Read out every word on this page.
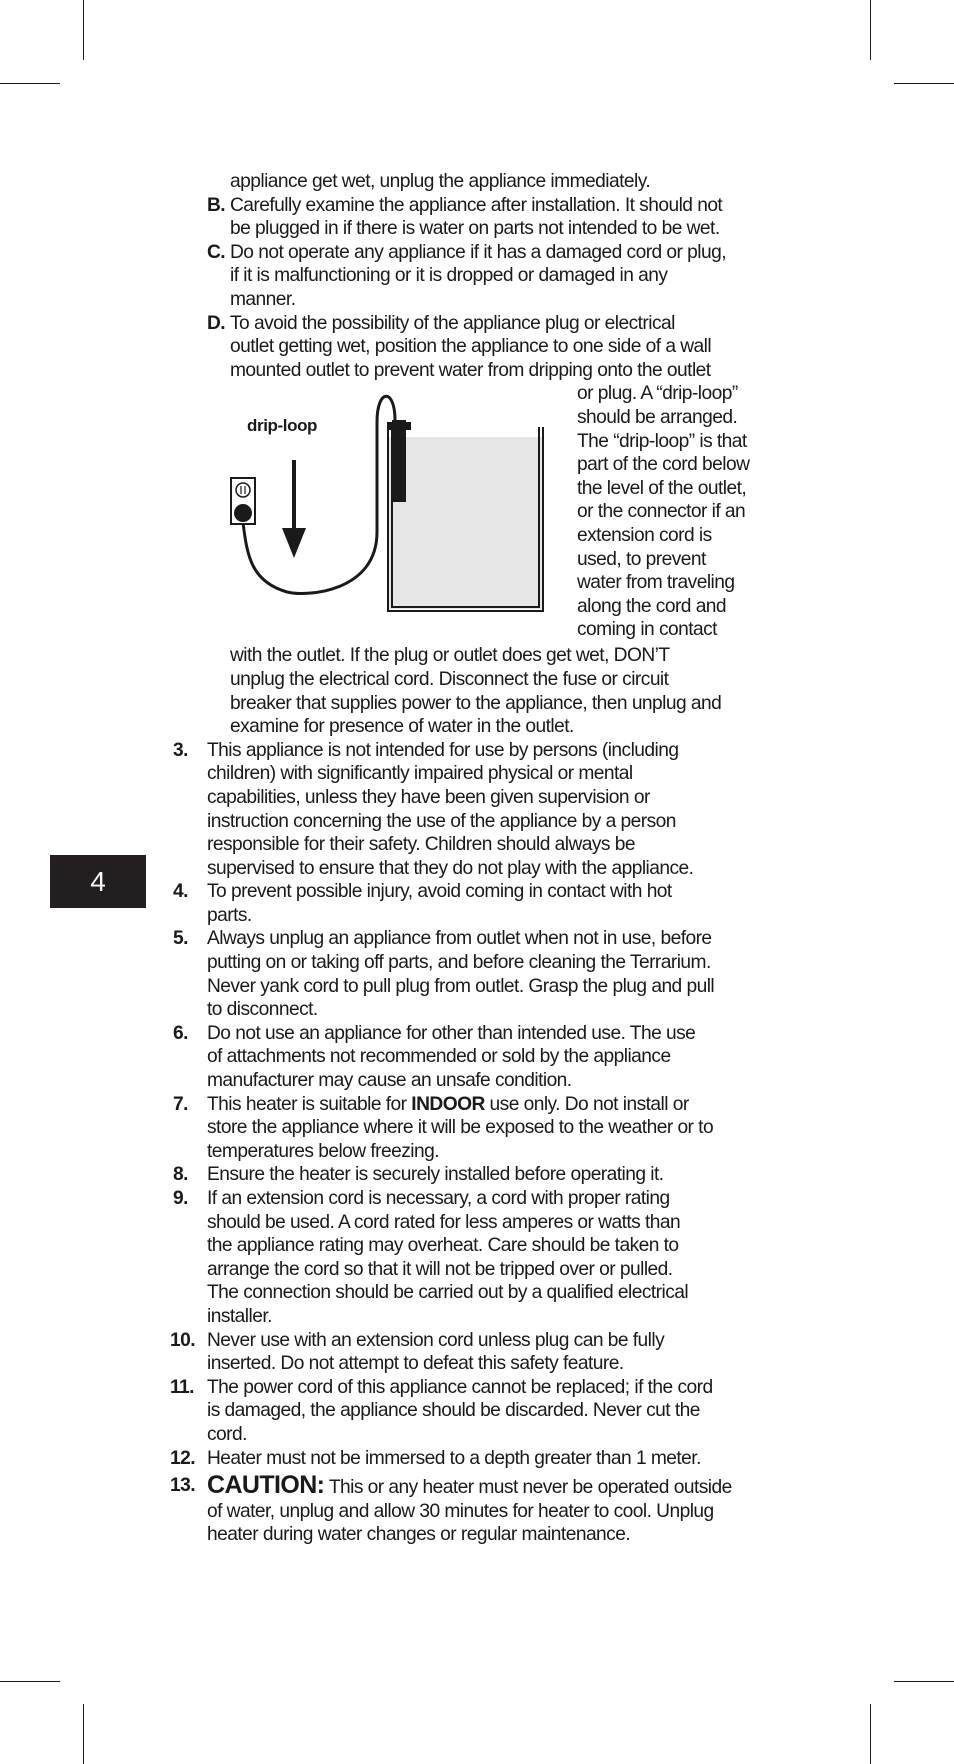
4

appliance get wet, unplug the appliance immediately.

B. Carefully examine the appliance after installation. It should not
be plugged in if there is water on parts not intended to be wet.
C. Do not operate any appliance if it has a damaged cord or plug,
if it is malfunctioning or it is dropped or damaged in any
manner.
D. To avoid the possibility of the appliance plug or electrical
outlet getting wet, position the appliance to one side of a wall
mounted outlet to prevent water from dripping onto the outlet
drip-loop
or plug. A “drip-loop”
should be arranged.
The “drip-loop” is that
part of the cord below
the level of the outlet,
or the connector if an
extension cord is
used, to prevent
water from traveling
along the cord and
coming in contact
with the outlet. If the plug or outlet does get wet, DON’T
unplug the electrical cord. Disconnect the fuse or circuit
breaker that supplies power to the appliance, then unplug and
examine for presence of water in the outlet.
3. This appliance is not intended for use by persons (including
children) with significantly impaired physical or mental
capabilities, unless they have been given supervision or
instruction concerning the use of the appliance by a person
responsible for their safety. Children should always be
supervised to ensure that they do not play with the appliance.
4. To prevent possible injury, avoid coming in contact with hot
parts.
5. Always unplug an appliance from outlet when not in use, before
putting on or taking off parts, and before cleaning the Terrarium.
Never yank cord to pull plug from outlet. Grasp the plug and pull
to disconnect.
6. Do not use an appliance for other than intended use. The use
of attachments not recommended or sold by the appliance
manufacturer may cause an unsafe condition.
7. This heater is suitable for INDOOR use only. Do not install or
store the appliance where it will be exposed to the weather or to
temperatures below freezing.
8. Ensure the heater is securely installed before operating it.
9. If an extension cord is necessary, a cord with proper rating
should be used. A cord rated for less amperes or watts than
the appliance rating may overheat. Care should be taken to
arrange the cord so that it will not be tripped over or pulled.
The connection should be carried out by a qualified electrical
installer.
10. Never use with an extension cord unless plug can be fully
inserted. Do not attempt to defeat this safety feature.
11. The power cord of this appliance cannot be replaced; if the cord
is damaged, the appliance should be discarded. Never cut the
cord.
12. Heater must not be immersed to a depth greater than 1 meter.
13. CAUTION: This or any heater must never be operated outside
of water, unplug and allow 30 minutes for heater to cool. Unplug
heater during water changes or regular maintenance.
